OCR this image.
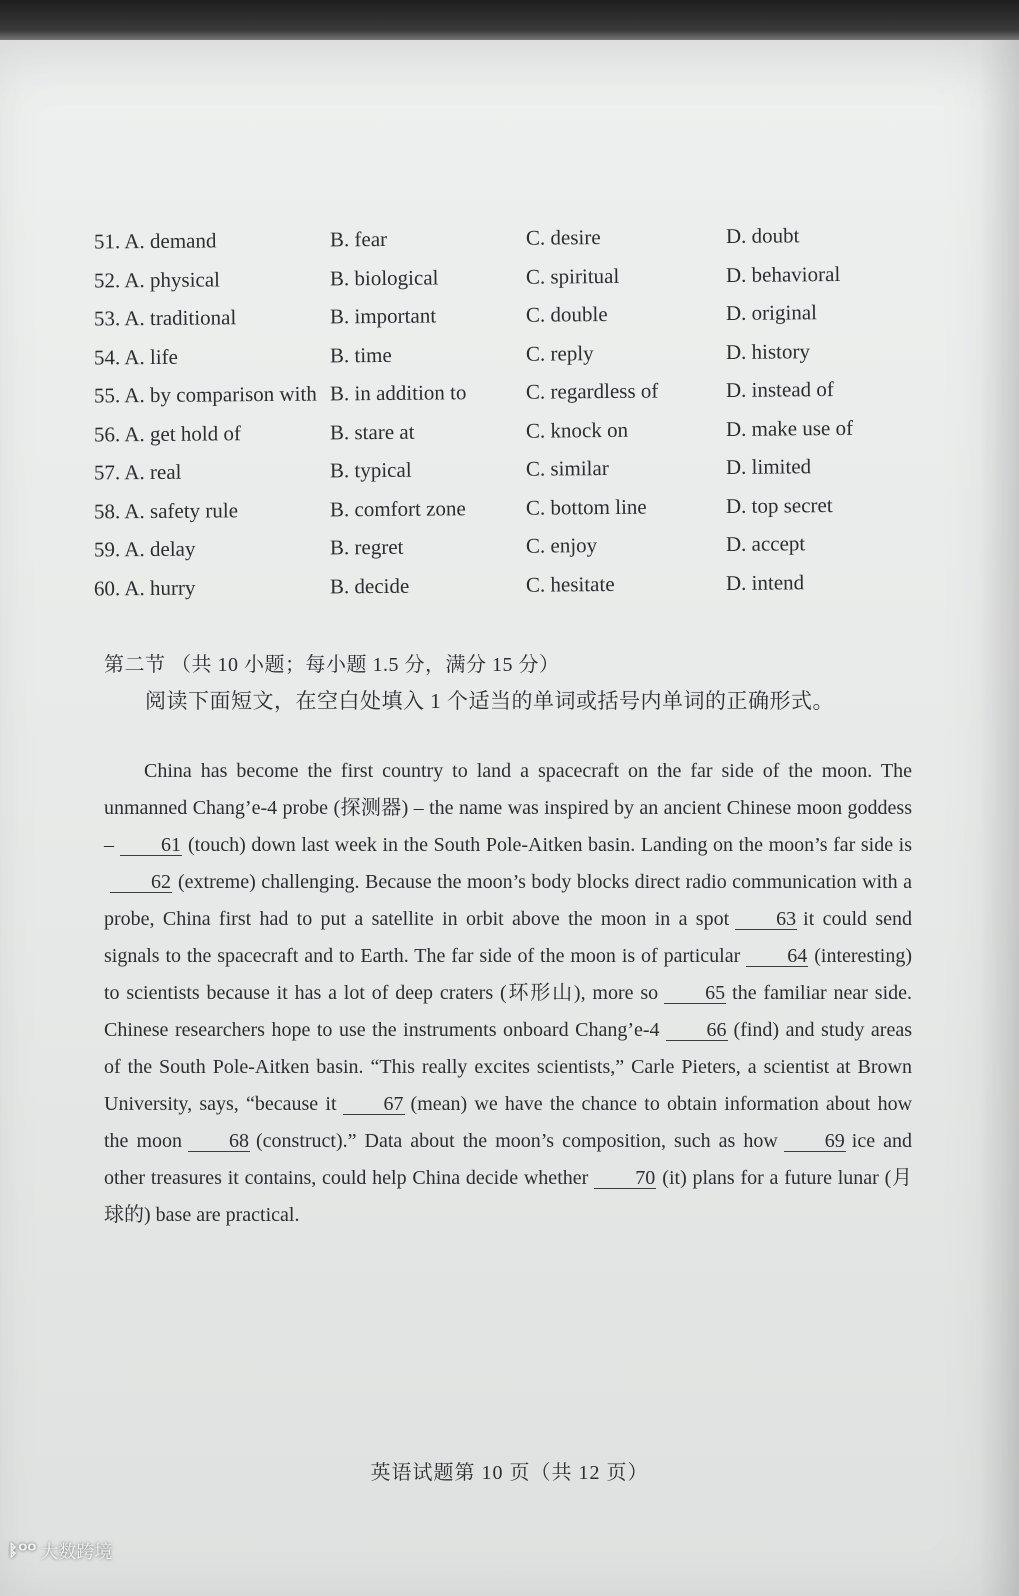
51. A. demand	B. fear	C. desire	D. doubt
52. A. physical	B. biological	C. spiritual	D. behavioral
53. A. traditional	B. important	C. double	D. original
54. A. life	B. time	C. reply	D. history
55. A. by comparison with B. in addition to	C. regardless of	D. instead of
56. A. get hold of	B. stare at	C. knock on	D. make use of
57. A. real	B. typical	C. similar	D. limited
58. A. safety rule	B. comfort zone	C. bottom line	D. top secret
59. A. delay	B. regret	C. enjoy	D. accept
60. A. hurry	B. decide	C. hesitate	D. intend
第二节 （共 10 小题；每小题 1.5 分，满分 15 分）
阅读下面短文，在空白处填入 1 个适当的单词或括号内单词的正确形式。

China has become the first country to land a spacecraft on the far side of the moon. The unmanned Chang’e-4 probe (探测器) – the name was inspired by an ancient Chinese moon goddess – 61 (touch) down last week in the South Pole-Aitken basin. Landing on the moon’s far side is62 (extreme) challenging. Because the moon’s body blocks direct radio communication with a probe, China first had to put a satellite in orbit above the moon in a spot 63 it could send signals to the spacecraft and to Earth. The far side of the moon is of particular 64 (interesting) to scientists because it has a lot of deep craters (环形山), more so 65 the familiar near side. Chinese researchers hope to use the instruments onboard Chang’e-4 66 (find) and study areas of the South Pole-Aitken basin. “This really excites scientists,” Carle Pieters, a scientist at Brown University, says, “because it 67 (mean) we have the chance to obtain information about how the moon 68 (construct).” Data about the moon’s composition, such as how 69 ice and other treasures it contains, could help China decide whether 70 (it) plans for a future lunar (月球的) base are practical.

英语试题第 10 页（共 12 页）
ᛔᴼᴼ 大数跨境
